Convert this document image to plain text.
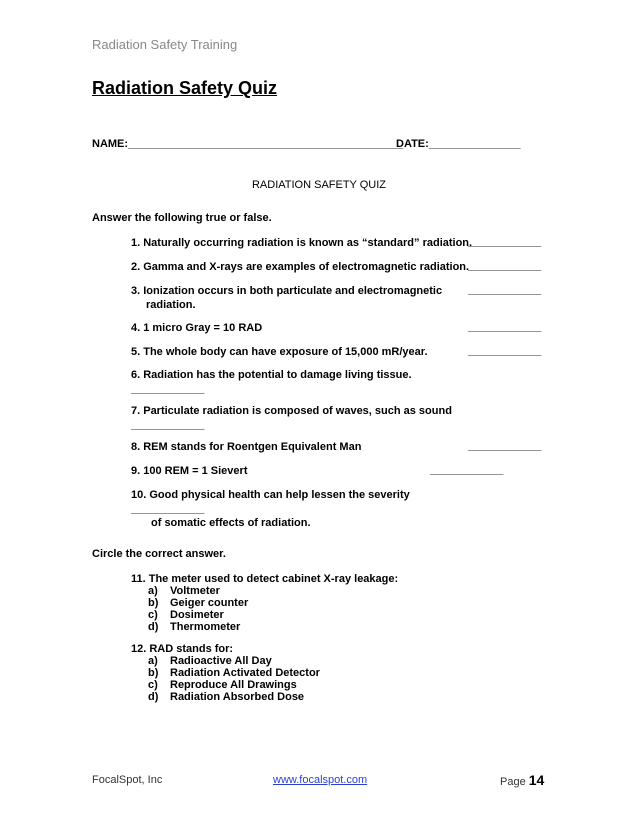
Radiation Safety Training
Radiation Safety Quiz
NAME:_____________________________________________
DATE:_______________
RADIATION SAFETY QUIZ
Answer the following true or false.
1. Naturally occurring radiation is known as “standard” radiation.
____________
2. Gamma and X-rays are examples of electromagnetic radiation.
____________
3. Ionization occurs in both particulate and electromagnetic
radiation.
____________
4. 1 micro Gray = 10 RAD	____________
5. The whole body can have exposure of 15,000 mR/year.	____________
6. Radiation has the potential to damage living tissue.
____________
7. Particulate radiation is composed of waves, such as sound
____________
8. REM stands for Roentgen Equivalent Man	____________
9. 100 REM = 1 Sievert	____________
10. Good physical health can help lessen the severity
____________
of somatic effects of radiation.
Circle the correct answer.
11. The meter used to detect cabinet X-ray leakage:
a)	Voltmeter
b)	Geiger counter
c)	Dosimeter
d)	Thermometer
12. RAD stands for:
a)	Radioactive All Day
b)	Radiation Activated Detector
c)	Reproduce All Drawings
d)	Radiation Absorbed Dose
FocalSpot, Inc	www.focalspot.com	Page 14
